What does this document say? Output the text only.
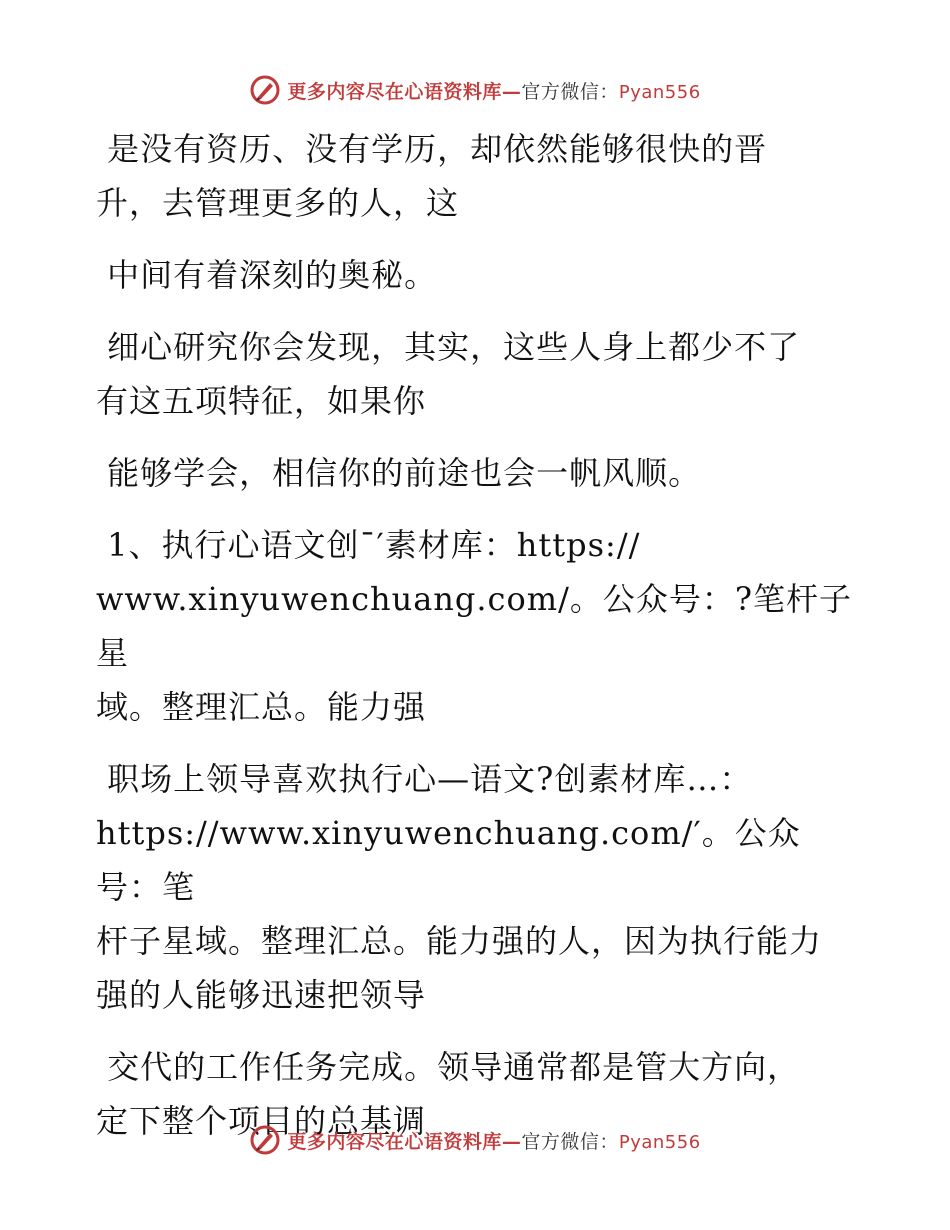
更多内容尽在心语资料库—官方微信：Pyan556

是没有资历、没有学历，却依然能够很快的晋
升，去管理更多的人，这

中间有着深刻的奥秘。

细心研究你会发现，其实，这些人身上都少不了
有这五项特征，如果你

能够学会，相信你的前途也会一帆风顺。

1、执行心语文创¯′素材库：https://
www.xinyuwenchuang.com/。公众号：?笔杆子星
域。整理汇总。能力强

职场上领导喜欢执行心—语文?创素材库…：
https://www.xinyuwenchuang.com/′。公众号：笔
杆子星域。整理汇总。能力强的人，因为执行能力
强的人能够迅速把领导

交代的工作任务完成。领导通常都是管大方向，
定下整个项目的总基调

更多内容尽在心语资料库—官方微信：Pyan556
